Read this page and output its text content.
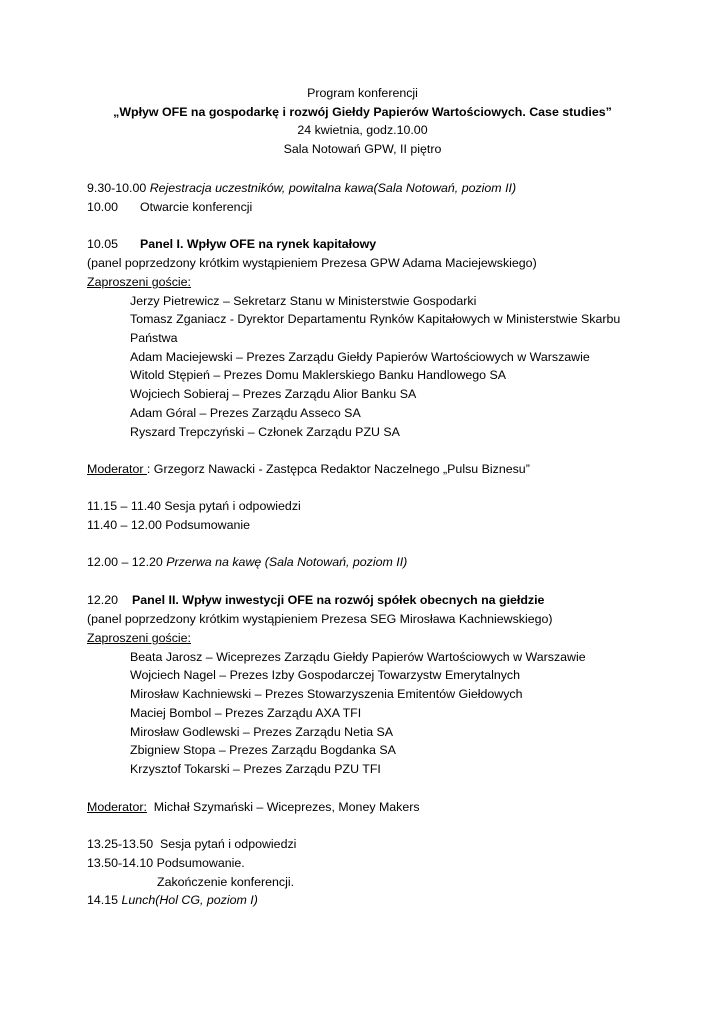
Program konferencji
„Wpływ OFE na gospodarkę i rozwój Giełdy Papierów Wartościowych. Case studies”
24 kwietnia, godz.10.00
Sala Notowań GPW, II piętro
9.30-10.00 Rejestracja uczestników, powitalna kawa(Sala Notowań, poziom II)
10.00 Otwarcie konferencji
10.05 Panel I. Wpływ OFE na rynek kapitałowy
(panel poprzedzony krótkim wystąpieniem Prezesa GPW Adama Maciejewskiego)
Zaproszeni goście:
Jerzy Pietrewicz – Sekretarz Stanu w Ministerstwie Gospodarki
Tomasz Zganiacz - Dyrektor Departamentu Rynków Kapitałowych w Ministerstwie Skarbu
Państwa
Adam Maciejewski – Prezes Zarządu Giełdy Papierów Wartościowych w Warszawie
Witold Stępień – Prezes Domu Maklerskiego Banku Handlowego SA
Wojciech Sobieraj – Prezes Zarządu Alior Banku SA
Adam Góral – Prezes Zarządu Asseco SA
Ryszard Trepczyński – Członek Zarządu PZU SA
Moderator : Grzegorz Nawacki - Zastępca Redaktor Naczelnego „Pulsu Biznesu”
11.15 – 11.40 Sesja pytań i odpowiedzi
11.40 – 12.00 Podsumowanie
12.00 – 12.20 Przerwa na kawę (Sala Notowań, poziom II)
12.20 Panel II. Wpływ inwestycji OFE na rozwój spółek obecnych na giełdzie
(panel poprzedzony krótkim wystąpieniem Prezesa SEG Mirosława Kachniewskiego)
Zaproszeni goście:
Beata Jarosz – Wiceprezes Zarządu Giełdy Papierów Wartościowych w Warszawie
Wojciech Nagel – Prezes Izby Gospodarczej Towarzystw Emerytalnych
Mirosław Kachniewski – Prezes Stowarzyszenia Emitentów Giełdowych
Maciej Bombol – Prezes Zarządu AXA TFI
Mirosław Godlewski – Prezes Zarządu Netia SA
Zbigniew Stopa – Prezes Zarządu Bogdanka SA
Krzysztof Tokarski – Prezes Zarządu PZU TFI
Moderator:  Michał Szymański – Wiceprezes, Money Makers
13.25-13.50  Sesja pytań i odpowiedzi
13.50-14.10 Podsumowanie.
Zakończenie konferencji.
14.15 Lunch(Hol CG, poziom I)
